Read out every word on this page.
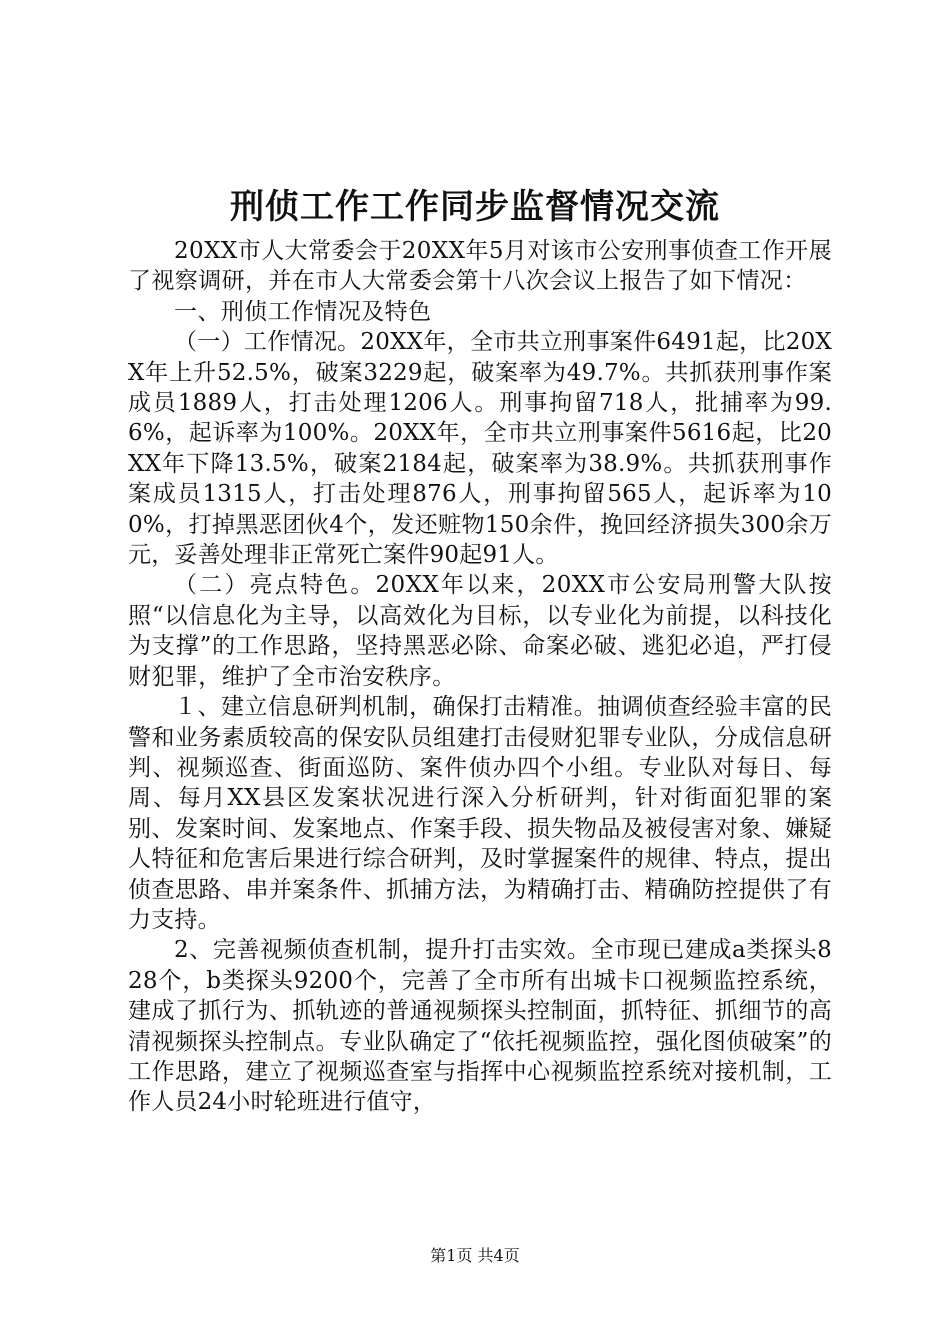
刑侦工作工作同步监督情况交流

20XX市人大常委会于20XX年5月对该市公安刑事侦查工作开展了视察调研，并在市人大常委会第十八次会议上报告了如下情况：

一、刑侦工作情况及特色

（一）工作情况。20XX年，全市共立刑事案件6491起，比20XX年上升52.5%，破案3229起，破案率为49.7%。共抓获刑事作案成员1889人，打击处理1206人。刑事拘留718人，批捕率为99.6%，起诉率为100%。20XX年，全市共立刑事案件5616起，比20XX年下降13.5%，破案2184起，破案率为38.9%。共抓获刑事作案成员1315人，打击处理876人，刑事拘留565人，起诉率为100%，打掉黑恶团伙4个，发还赃物150余件，挽回经济损失300余万元，妥善处理非正常死亡案件90起91人。

（二）亮点特色。20XX年以来，20XX市公安局刑警大队按照“以信息化为主导，以高效化为目标，以专业化为前提，以科技化为支撑”的工作思路，坚持黑恶必除、命案必破、逃犯必追，严打侵财犯罪，维护了全市治安秩序。

１、建立信息研判机制，确保打击精准。抽调侦查经验丰富的民警和业务素质较高的保安队员组建打击侵财犯罪专业队，分成信息研判、视频巡查、街面巡防、案件侦办四个小组。专业队对每日、每周、每月XX县区发案状况进行深入分析研判，针对街面犯罪的案别、发案时间、发案地点、作案手段、损失物品及被侵害对象、嫌疑人特征和危害后果进行综合研判，及时掌握案件的规律、特点，提出侦查思路、串并案条件、抓捕方法，为精确打击、精确防控提供了有力支持。

2、完善视频侦查机制，提升打击实效。全市现已建成a类探头828个，b类探头9200个，完善了全市所有出城卡口视频监控系统，建成了抓行为、抓轨迹的普通视频探头控制面，抓特征、抓细节的高清视频探头控制点。专业队确定了“依托视频监控，强化图侦破案”的工作思路，建立了视频巡查室与指挥中心视频监控系统对接机制，工作人员24小时轮班进行值守，

第1页 共4页
